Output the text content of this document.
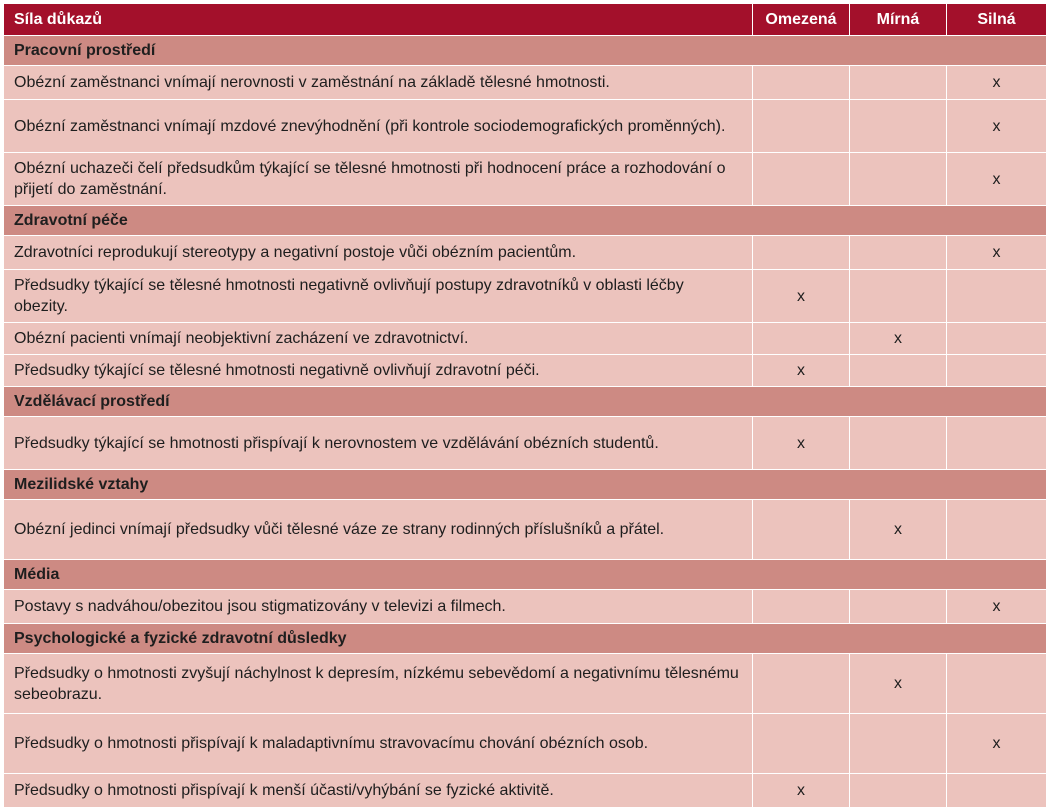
Síla důkazů	Omezená	Mírná	Silná
Pracovní prostředí			
Obézní zaměstnanci vnímají nerovnosti v zaměstnání na základě tělesné hmotnosti.			x
Obézní zaměstnanci vnímají mzdové znevýhodnění (při kontrole sociodemografických proměnných).			x
Obézní uchazeči čelí předsudkům týkající se tělesné hmotnosti při hodnocení práce a rozhodování o přijetí do zaměstnání.			x
Zdravotní péče			
Zdravotníci reprodukují stereotypy a negativní postoje vůči obézním pacientům.			x
Předsudky týkající se tělesné hmotnosti negativně ovlivňují postupy zdravotníků v oblasti léčby obezity.	x		
Obézní pacienti vnímají neobjektivní zacházení ve zdravotnictví.		x	
Předsudky týkající se tělesné hmotnosti negativně ovlivňují zdravotní péči.	x		
Vzdělávací prostředí			
Předsudky týkající se hmotnosti přispívají k nerovnostem ve vzdělávání obézních studentů.	x		
Mezilidské vztahy			
Obézní jedinci vnímají předsudky vůči tělesné váze ze strany rodinných příslušníků a přátel.		x	
Média			
Postavy s nadváhou/obezitou jsou stigmatizovány v televizi a filmech.			x
Psychologické a fyzické zdravotní důsledky			
Předsudky o hmotnosti zvyšují náchylnost k depresím, nízkému sebevědomí a negativnímu tělesnému sebeobrazu.		x	
Předsudky o hmotnosti přispívají k maladaptivnímu stravovacímu chování obézních osob.			x
Předsudky o hmotnosti přispívají k menší účasti/vyhýbání se fyzické aktivitě.	x		
